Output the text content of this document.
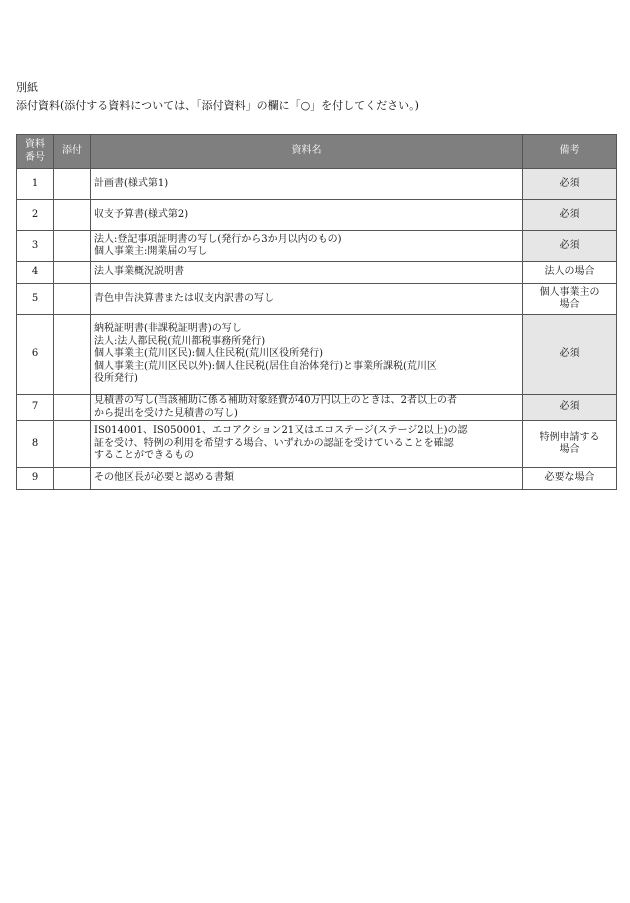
別紙
添付資料(添付する資料については、「添付資料」の欄に「○」を付してください。)
資料
番号	添付	資料名	備考
1		計画書(様式第1)	必須

2		収支予算書(様式第2)	必須

3		法人:登記事項証明書の写し(発行から3か月以内のもの)
個人事業主:開業届の写し	必須

4		法人事業概況説明書	法人の場合

5		青色申告決算書または収支内訳書の写し	個人事業主の
場合

6		納税証明書(非課税証明書)の写し
法人:法人都民税(荒川都税事務所発行)
個人事業主(荒川区民):個人住民税(荒川区役所発行)
個人事業主(荒川区民以外):個人住民税(居住自治体発行)と事業所課税(荒川区
役所発行)	必須

7		見積書の写し(当該補助に係る補助対象経費が40万円以上のときは、2者以上の者
から提出を受けた見積書の写し)	必須

8		IS014001、IS050001、エコアクション21又はエコステージ(ステージ2以上)の認
証を受け、特例の利用を希望する場合、いずれかの認証を受けていることを確認
することができるもの	特例申請する
場合

9		その他区長が必要と認める書類	必要な場合
